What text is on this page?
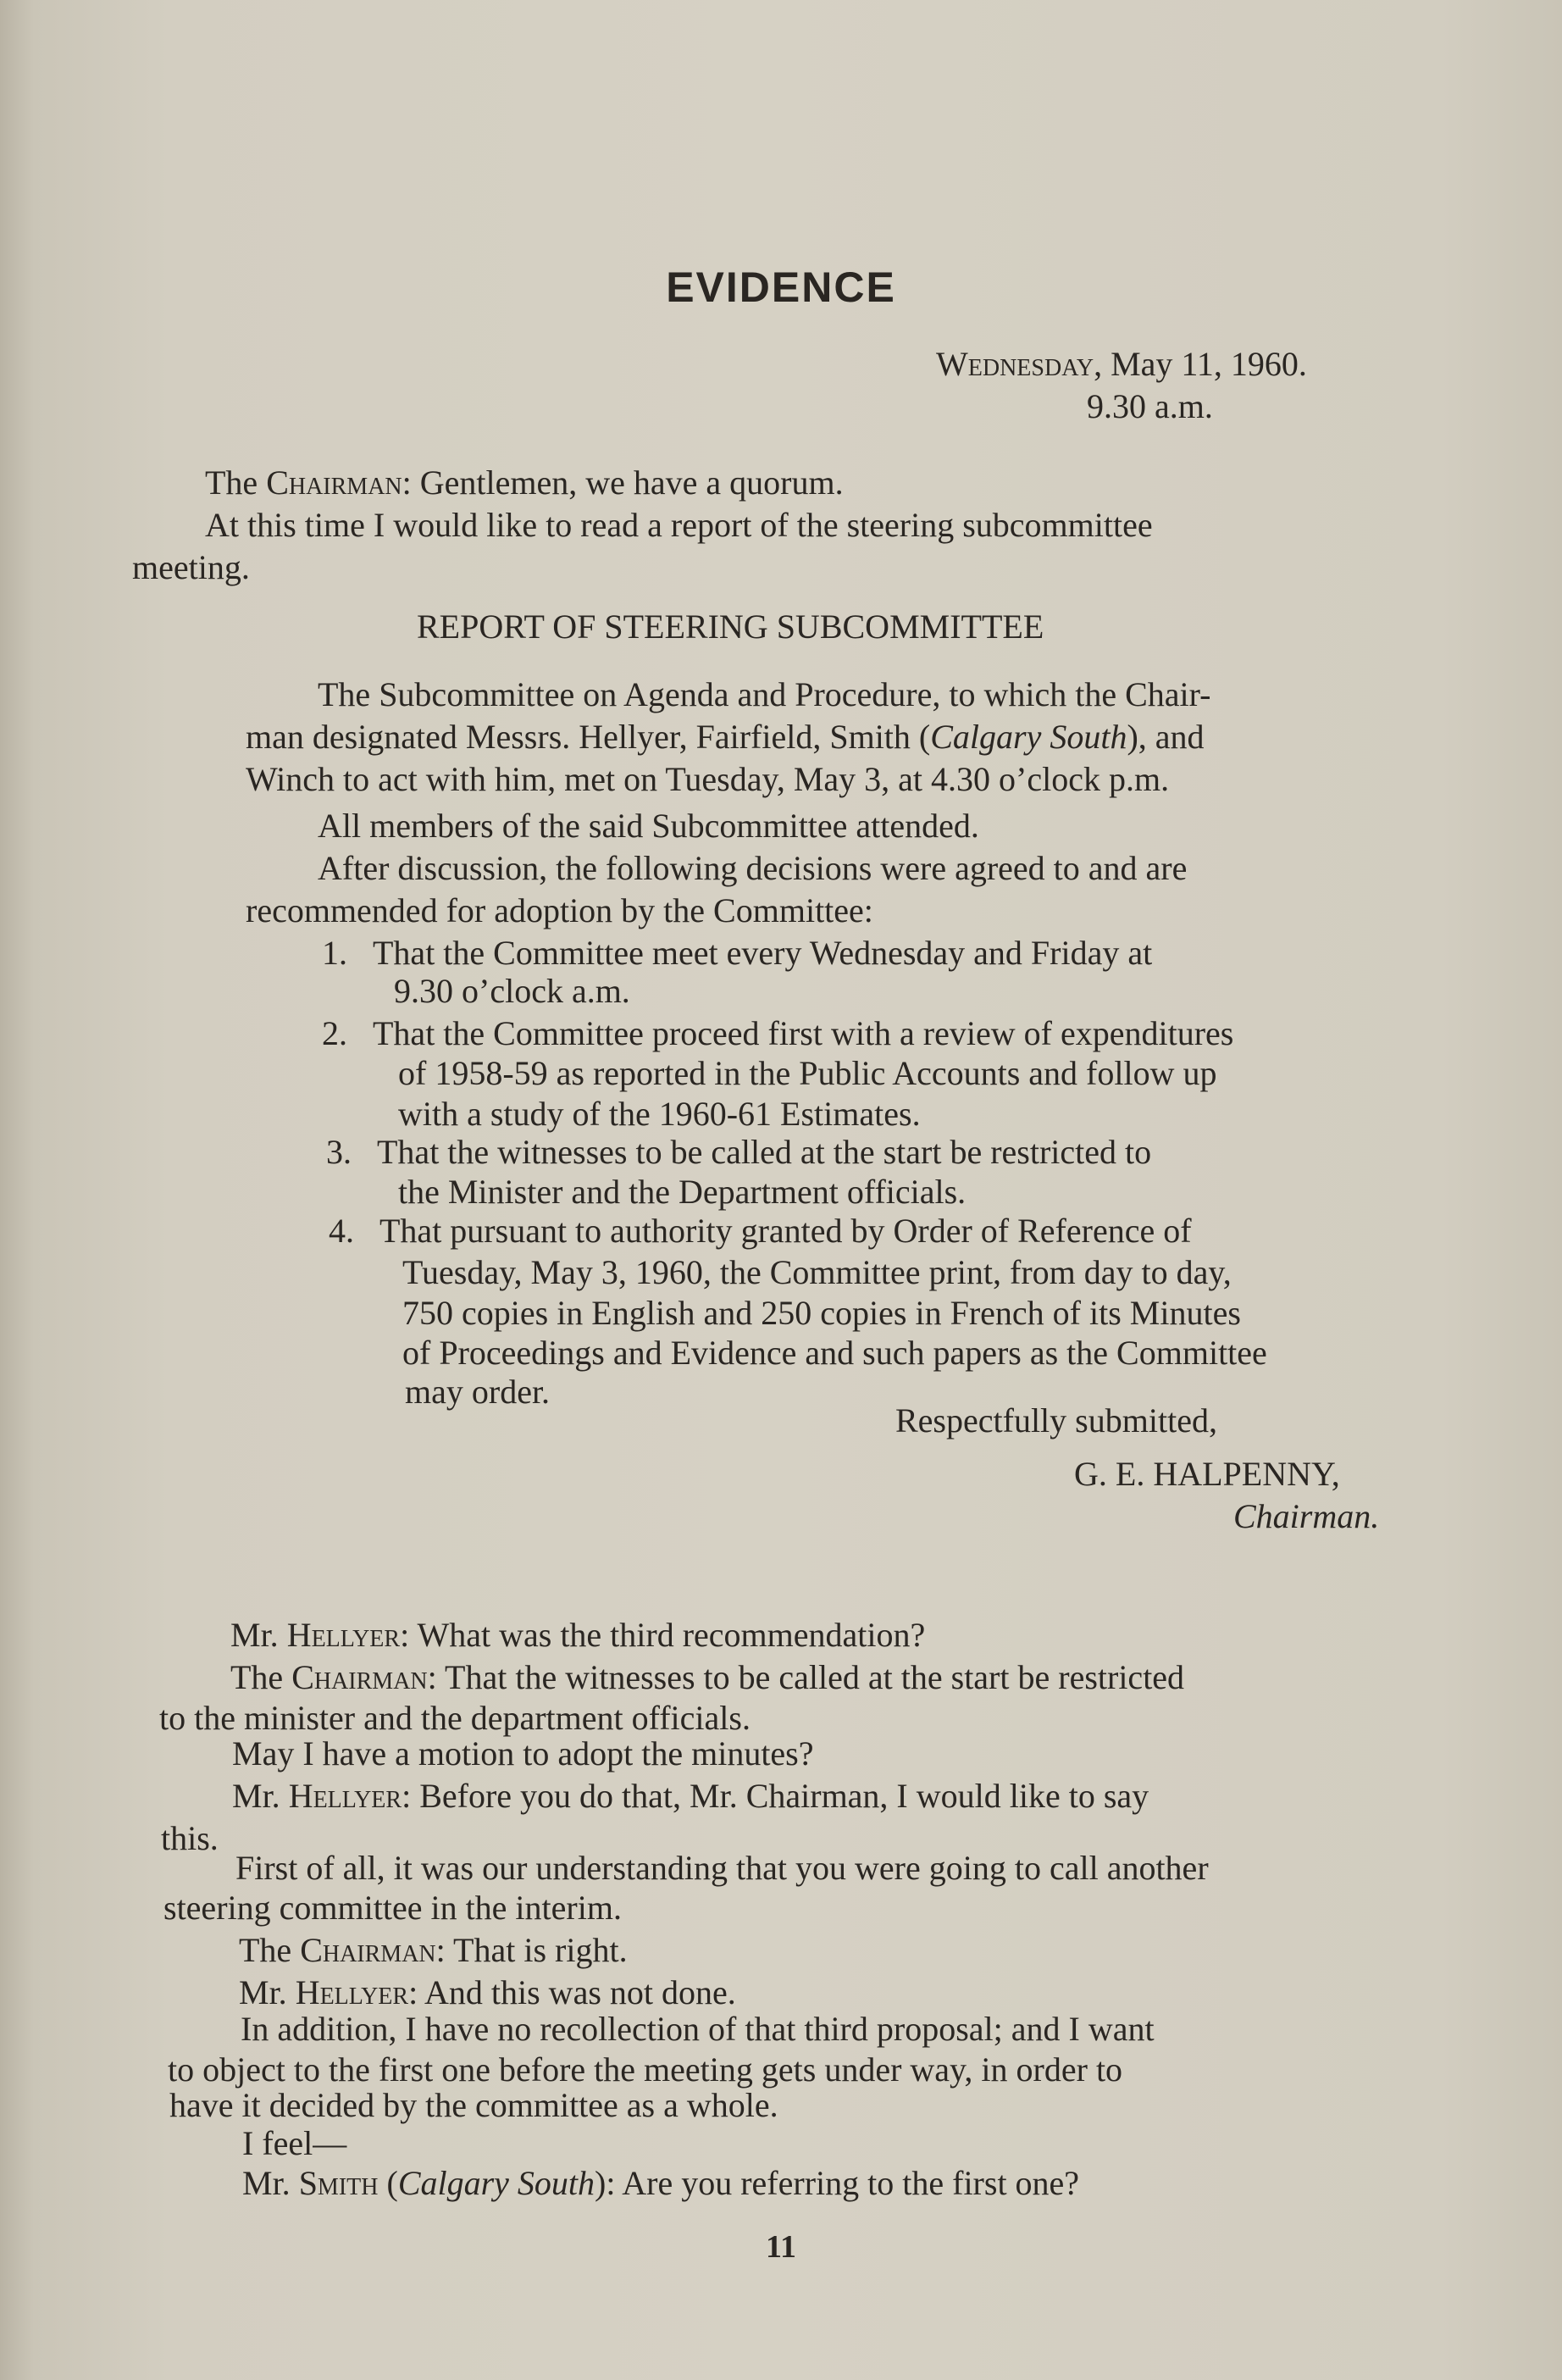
EVIDENCE
Wednesday, May 11, 1960.
9.30 a.m.
The Chairman: Gentlemen, we have a quorum.
At this time I would like to read a report of the steering subcommittee
meeting.
REPORT OF STEERING SUBCOMMITTEE
The Subcommittee on Agenda and Procedure, to which the Chair-
man designated Messrs. Hellyer, Fairfield, Smith (Calgary South), and
Winch to act with him, met on Tuesday, May 3, at 4.30 o’clock p.m.
All members of the said Subcommittee attended.
After discussion, the following decisions were agreed to and are
recommended for adoption by the Committee:
1. That the Committee meet every Wednesday and Friday at
9.30 o’clock a.m.
2. That the Committee proceed first with a review of expenditures
of 1958-59 as reported in the Public Accounts and follow up
with a study of the 1960-61 Estimates.
3. That the witnesses to be called at the start be restricted to
the Minister and the Department officials.
4. That pursuant to authority granted by Order of Reference of
Tuesday, May 3, 1960, the Committee print, from day to day,
750 copies in English and 250 copies in French of its Minutes
of Proceedings and Evidence and such papers as the Committee
may order.
Respectfully submitted,
G. E. HALPENNY,
Chairman.
Mr. Hellyer: What was the third recommendation?
The Chairman: That the witnesses to be called at the start be restricted
to the minister and the department officials.
May I have a motion to adopt the minutes?
Mr. Hellyer: Before you do that, Mr. Chairman, I would like to say
this.
First of all, it was our understanding that you were going to call another
steering committee in the interim.
The Chairman: That is right.
Mr. Hellyer: And this was not done.
In addition, I have no recollection of that third proposal; and I want
to object to the first one before the meeting gets under way, in order to
have it decided by the committee as a whole.
I feel—
Mr. Smith (Calgary South): Are you referring to the first one?
11
